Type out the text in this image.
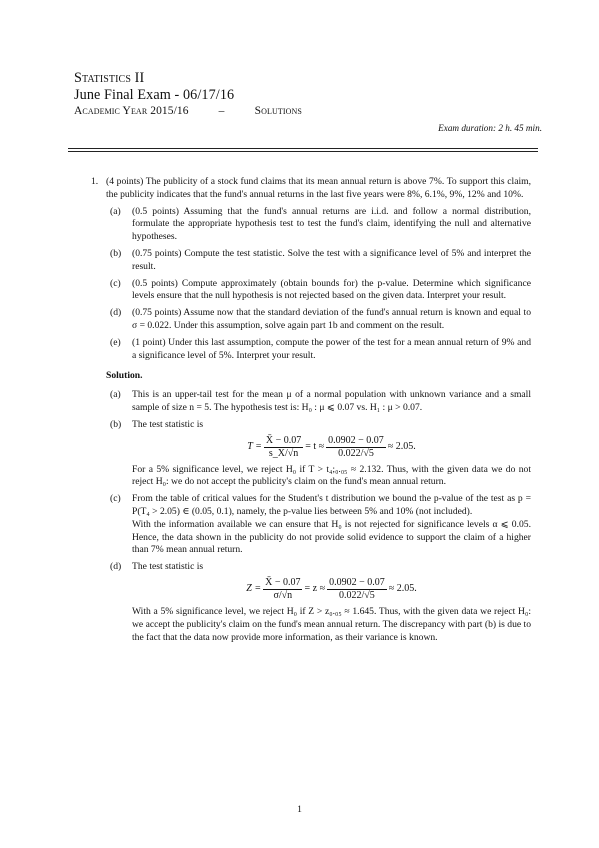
Statistics II
June Final Exam - 06/17/16
Academic Year 2015/16	–	Solutions
Exam duration: 2 h. 45 min.
1. (4 points) The publicity of a stock fund claims that its mean annual return is above 7%. To support this claim, the publicity indicates that the fund's annual returns in the last five years were 8%, 6.1%, 9%, 12% and 10%.

(a) (0.5 points) Assuming that the fund's annual returns are i.i.d. and follow a normal distribution, formulate the appropriate hypothesis test to test the fund's claim, identifying the null and alternative hypotheses.
(b) (0.75 points) Compute the test statistic. Solve the test with a significance level of 5% and interpret the result.
(c) (0.5 points) Compute approximately (obtain bounds for) the p-value. Determine which significance levels ensure that the null hypothesis is not rejected based on the given data. Interpret your result.
(d) (0.75 points) Assume now that the standard deviation of the fund's annual return is known and equal to σ = 0.022. Under this assumption, solve again part 1b and comment on the result.
(e) (1 point) Under this last assumption, compute the power of the test for a mean annual return of 9% and a significance level of 5%. Interpret your result.
Solution.
(a) This is an upper-tail test for the mean μ of a normal population with unknown variance and a small sample of size n = 5. The hypothesis test is: H₀ : μ ⩽ 0.07 vs. H₁ : μ > 0.07.
(b) The test statistic is
$T = \frac{X̄ - 0.07}{s\_X/√n} = t \approx \frac{0.0902 - 0.07}{0.022/√5} \approx 2.05$.
For a 5% significance level, we reject H₀ if T > t₄;₀.₀₅ ≈ 2.132. Thus, with the given data we do not reject H₀: we do not accept the publicity's claim on the fund's mean annual return.
(c) From the table of critical values for the Student's t distribution we bound the p-value of the test as p = P(T₄ > 2.05) ∈ (0.05, 0.1), namely, the p-value lies between 5% and 10% (not included).
With the information available we can ensure that H₀ is not rejected for significance levels α ⩽ 0.05. Hence, the data shown in the publicity do not provide solid evidence to support the claim of a higher than 7% mean annual return.
(d) The test statistic is
$Z = \frac{X̄ - 0.07}{\sigma/√n} = z \approx \frac{0.0902 - 0.07}{0.022/√5} \approx 2.05$.
With a 5% significance level, we reject H₀ if Z > z₀.₀₅ ≈ 1.645. Thus, with the given data we reject H₀: we accept the publicity's claim on the fund's mean annual return. The discrepancy with part (b) is due to the fact that the data now provide more information, as their variance is known.
1
